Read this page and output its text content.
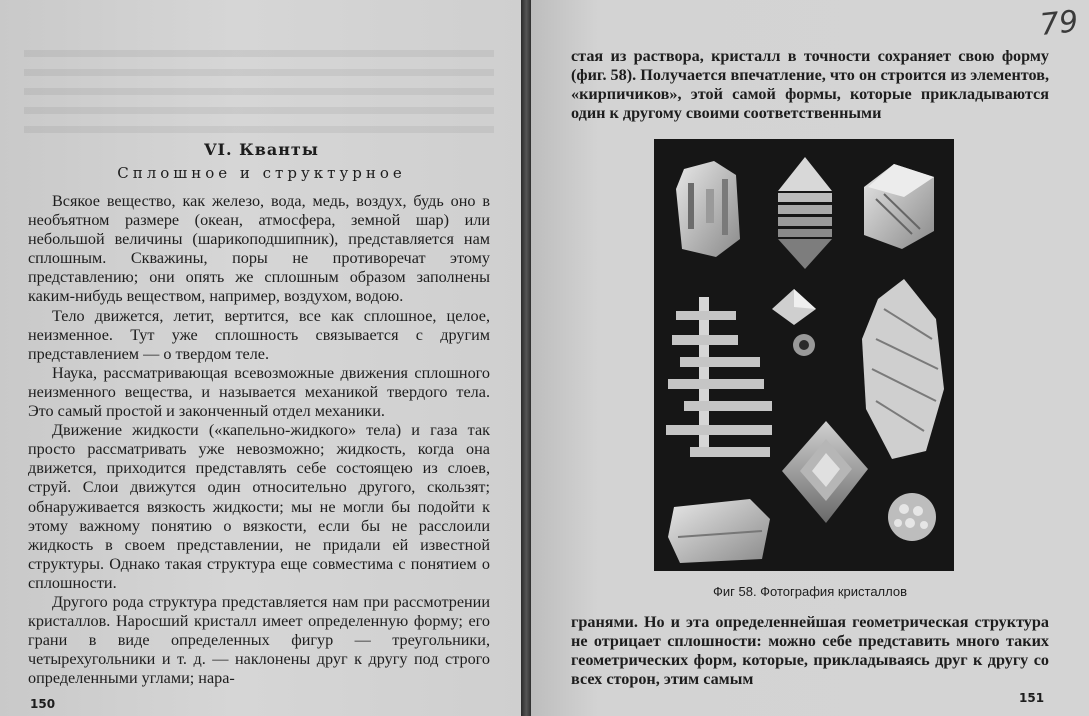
VI. Кванты
Сплошное и структурное

Всякое вещество, как железо, вода, медь, воздух, будь оно в необъятном размере (океан, атмосфера, земной шар) или небольшой величины (шарикоподшипник), представляется нам сплошным. Скважины, поры не противоречат этому представлению; они опять же сплошным образом заполнены каким-нибудь веществом, например, воздухом, водою.

Тело движется, летит, вертится, все как сплошное, целое, неизменное. Тут уже сплошность связывается с другим представлением — о твердом теле.

Наука, рассматривающая всевозможные движения сплошного неизменного вещества, и называется механикой твердого тела. Это самый простой и законченный отдел механики.

Движение жидкости («капельно-жидкого» тела) и газа так просто рассматривать уже невозможно; жидкость, когда она движется, приходится представлять себе состоящею из слоев, струй. Слои движутся один относительно другого, скользят; обнаруживается вязкость жидкости; мы не могли бы подойти к этому важному понятию о вязкости, если бы не расслоили жидкость в своем представлении, не придали ей известной структуры. Однако такая структура еще совместима с понятием о сплошности.

Другого рода структура представляется нам при рассмотрении кристаллов. Наросший кристалл имеет определенную форму; его грани в виде определенных фигур — треугольники, четырехугольники и т. д. — наклонены друг к другу под строго определенными углами; нара-

150
79

стая из раствора, кристалл в точности сохраняет свою форму (фиг. 58). Получается впечатление, что он строится из элементов, «кирпичиков», этой самой формы, которые прикладываются один к другому своими соответственными

Фиг 58. Фотография кристаллов

гранями. Но и эта определеннейшая геометрическая структура не отрицает сплошности: можно себе представить много таких геометрических форм, которые, прикладываясь друг к другу со всех сторон, этим самым

151
